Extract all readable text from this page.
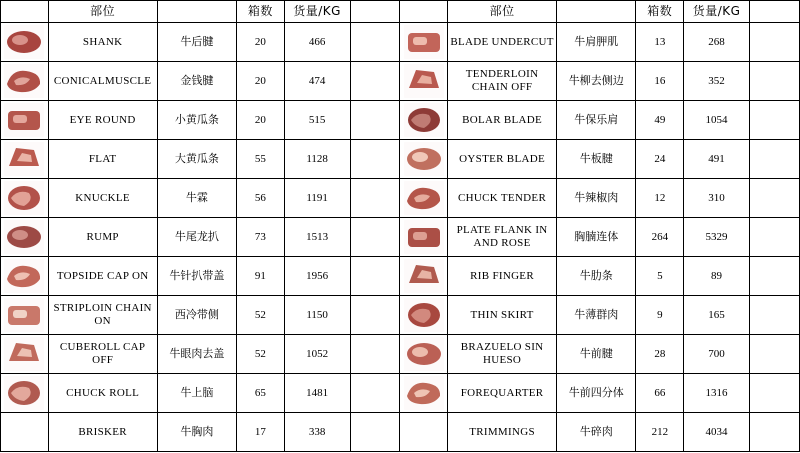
	部位		箱数	货量/KG			部位		箱数	货量/KG	

	SHANK	牛后腱	20	466			BLADE UNDERCUT	牛肩胛肌	13	268	

	CONICALMUSCLE	金钱腱	20	474			TENDERLOIN CHAIN OFF	牛柳去侧边	16	352	

	EYE ROUND	小黄瓜条	20	515			BOLAR BLADE	牛保乐肩	49	1054	

	FLAT	大黄瓜条	55	1128			OYSTER BLADE	牛板腱	24	491	

	KNUCKLE	牛霖	56	1191			CHUCK TENDER	牛辣椒肉	12	310	

	RUMP	牛尾龙扒	73	1513			PLATE FLANK IN AND ROSE	胸腩连体	264	5329	

	TOPSIDE CAP ON	牛针扒带盖	91	1956			RIB FINGER	牛肋条	5	89	

	STRIPLOIN CHAIN ON	西冷带侧	52	1150			THIN SKIRT	牛薄群肉	9	165	

	CUBEROLL CAP OFF	牛眼肉去盖	52	1052			BRAZUELO SIN HUESO	牛前腱	28	700	

	CHUCK ROLL	牛上脑	65	1481			FOREQUARTER	牛前四分体	66	1316	

	BRISKER	牛胸肉	17	338			TRIMMINGS	牛碎肉	212	4034	
